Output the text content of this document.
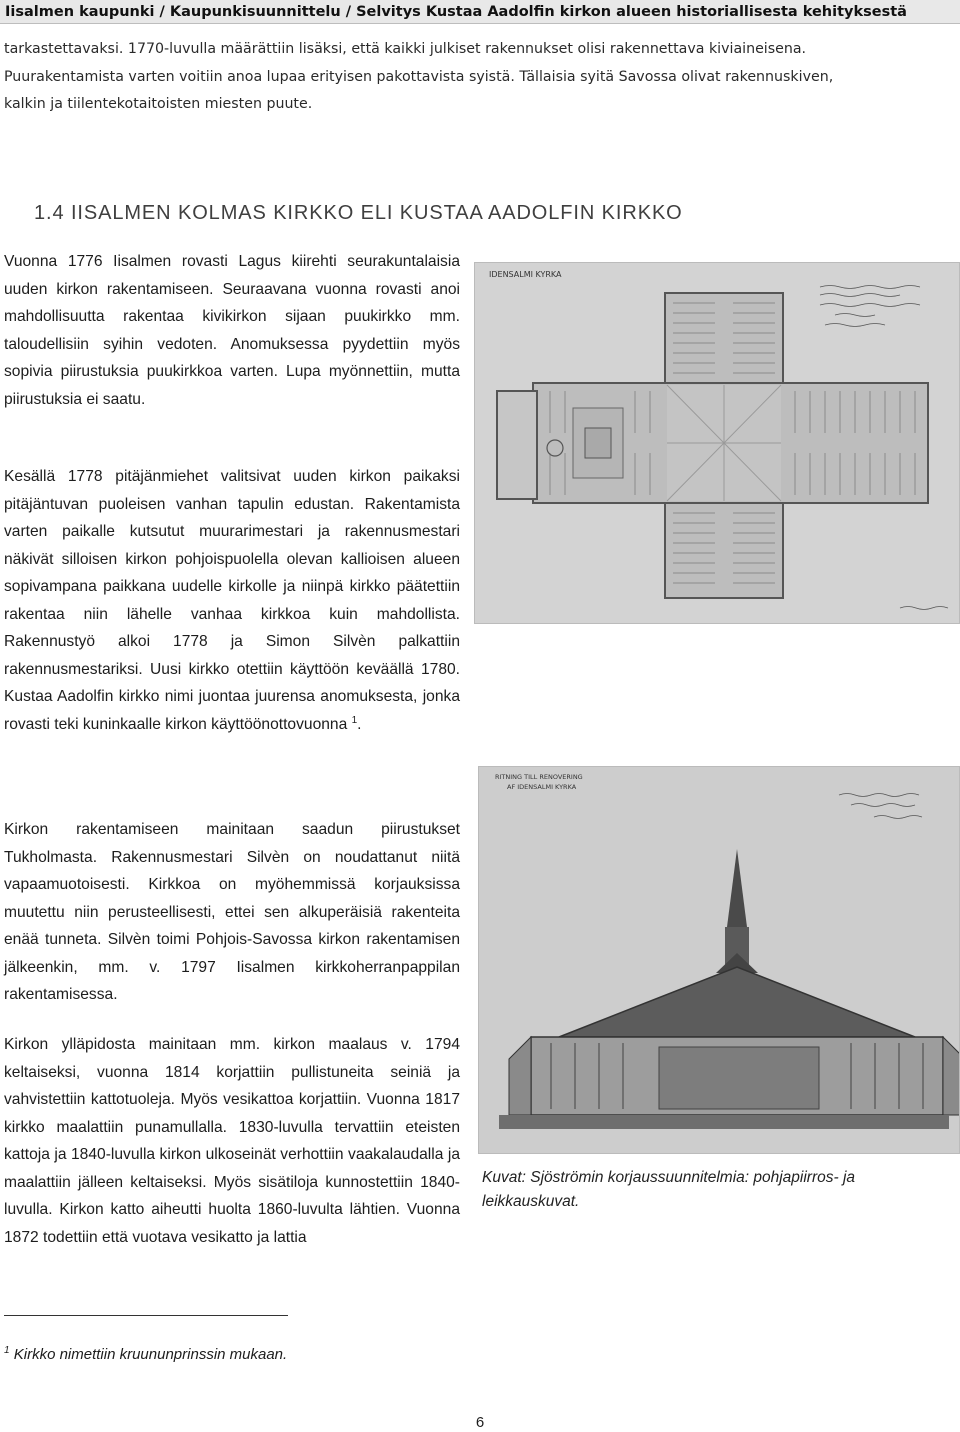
Iisalmen kaupunki / Kaupunkisuunnittelu / Selvitys Kustaa Aadolfin kirkon alueen historiallisesta kehityksestä
tarkastettavaksi. 1770-luvulla määrättiin lisäksi, että kaikki julkiset rakennukset olisi rakennettava kiviaineisena.
Puurakentamista varten voitiin anoa lupaa erityisen pakottavista syistä. Tällaisia syitä Savossa olivat rakennuskiven,
kalkin ja tiilentekotaitoisten miesten puute.
1.4 IISALMEN KOLMAS KIRKKO ELI KUSTAA AADOLFIN KIRKKO

Vuonna 1776 Iisalmen rovasti Lagus kiirehti seurakuntalaisia uuden kirkon rakentamiseen. Seuraavana vuonna rovasti anoi mahdollisuutta rakentaa kivikirkon sijaan puukirkko mm. taloudellisiin syihin vedoten. Anomuksessa pyydettiin myös sopivia piirustuksia puukirkkoa varten. Lupa myönnettiin, mutta piirustuksia ei saatu.

Kesällä 1778 pitäjänmiehet valitsivat uuden kirkon paikaksi pitäjäntuvan puoleisen vanhan tapulin edustan. Rakentamista varten paikalle kutsutut muurarimestari ja rakennusmestari näkivät silloisen kirkon pohjoispuolella olevan kallioisen alueen sopivampana paikkana uudelle kirkolle ja niinpä kirkko päätettiin rakentaa niin lähelle vanhaa kirkkoa kuin mahdollista. Rakennustyö alkoi 1778 ja Simon Silvèn palkattiin rakennusmestariksi. Uusi kirkko otettiin käyttöön keväällä 1780. Kustaa Aadolfin kirkko nimi juontaa juurensa anomuksesta, jonka rovasti teki kuninkaalle kirkon käyttöönottovuonna $^1$.

Kirkon rakentamiseen mainitaan saadun piirustukset Tukholmasta. Rakennusmestari Silvèn on noudattanut niitä vapaamuotoisesti. Kirkkoa on myöhemmissä korjauksissa muutettu niin perusteellisesti, ettei sen alkuperäisiä rakenteita enää tunneta. Silvèn toimi Pohjois-Savossa kirkon rakentamisen jälkeenkin, mm. v. 1797 Iisalmen kirkkoherranpappilan rakentamisessa.

Kirkon ylläpidosta mainitaan mm. kirkon maalaus v. 1794 keltaiseksi, vuonna 1814 korjattiin pullistuneita seiniä ja vahvistettiin kattotuoleja. Myös vesikattoa korjattiin. Vuonna 1817 kirkko maalattiin punamullalla. 1830-luvulla tervattiin eteisten kattoja ja 1840-luvulla kirkon ulkoseinät verhottiin vaakalaudalla ja maalattiin jälleen keltaiseksi. Myös sisätiloja kunnostettiin 1840-luvulla. Kirkon katto aiheutti huolta 1860-luvulta lähtien. Vuonna 1872 todettiin että vuotava vesikatto ja lattia

IDENSALMI KYRKA
RITNING TILL RENOVERING
AF IDENSALMI KYRKA
Kuvat: Sjöströmin korjaussuunnitelmia: pohjapiirros- ja leikkauskuvat.
$^1$ Kirkko nimettiin kruununprinssin mukaan.
6
